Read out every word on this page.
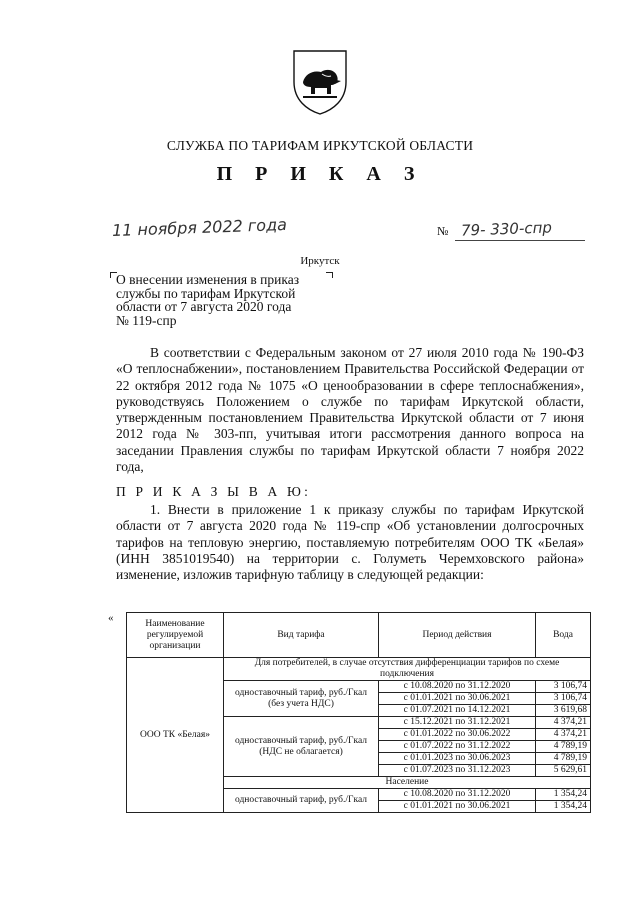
СЛУЖБА ПО ТАРИФАМ ИРКУТСКОЙ ОБЛАСТИ
П Р И К А З
11 ноября 2022 года	№ 79- 330-спр
Иркутск
О внесении изменения в приказ
службы по тарифам Иркутской
области от 7 августа 2020 года
№ 119-спр
В соответствии с Федеральным законом от 27 июля 2010 года № 190-ФЗ «О теплоснабжении», постановлением Правительства Российской Федерации от 22 октября 2012 года № 1075 «О ценообразовании в сфере теплоснабжения», руководствуясь Положением о службе по тарифам Иркутской области, утвержденным постановлением Правительства Иркутской области от 7 июня 2012 года № 303-пп, учитывая итоги рассмотрения данного вопроса на заседании Правления службы по тарифам Иркутской области 7 ноября 2022 года,
П Р И К А З Ы В А Ю:
1. Внести в приложение 1 к приказу службы по тарифам Иркутской области от 7 августа 2020 года № 119-спр «Об установлении долгосрочных тарифов на тепловую энергию, поставляемую потребителям ООО ТК «Белая» (ИНН 3851019540) на территории с. Голуметь Черемховского района» изменение, изложив тарифную таблицу в следующей редакции:
«	Наименование регулируемой организации	Вид тарифа	Период действия	Вода
ООО ТК «Белая»	Для потребителей, в случае отсутствия дифференциации тарифов по схеме подключения		
	одноставочный тариф, руб./Гкал (без учета НДС)	с 10.08.2020 по 31.12.2020	3 106,74
		с 01.01.2021 по 30.06.2021	3 106,74
		с 01.07.2021 по 14.12.2021	3 619,68
	одноставочный тариф, руб./Гкал (НДС не облагается)	с 15.12.2021 по 31.12.2021	4 374,21
		с 01.01.2022 по 30.06.2022	4 374,21
		с 01.07.2022 по 31.12.2022	4 789,19
		с 01.01.2023 по 30.06.2023	4 789,19
		с 01.07.2023 по 31.12.2023	5 629,61
	Население		
	одноставочный тариф, руб./Гкал	с 10.08.2020 по 31.12.2020	1 354,24
		с 01.01.2021 по 30.06.2021	1 354,24
